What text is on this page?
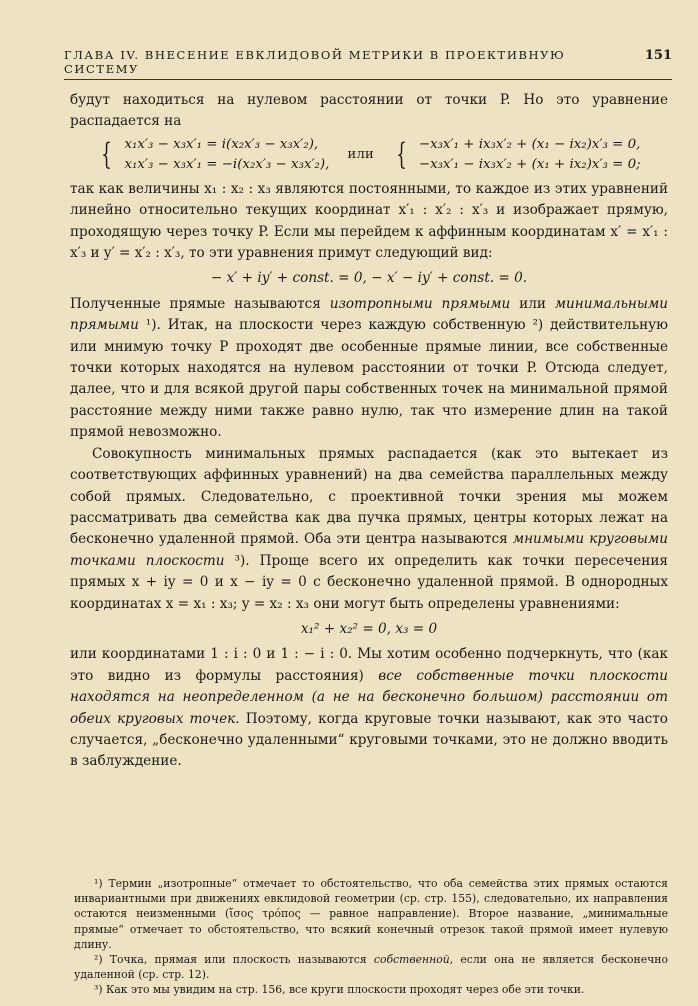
ГЛАВА IV. ВНЕСЕНИЕ ЕВКЛИДОВОЙ МЕТРИКИ В ПРОЕКТИВНУЮ СИСТЕМУ
151

будут находиться на нулевом расстоянии от точки P. Но это уравнение распадается на

{ x₁x′₃ − x₃x′₁ = i(x₂x′₃ − x₃x′₂),
x₁x′₃ − x₃x′₁ = −i(x₂x′₃ − x₃x′₂),
или { −x₃x′₁ + ix₃x′₂ + (x₁ − ix₂)x′₃ = 0,
−x₃x′₁ − ix₃x′₂ + (x₁ + ix₂)x′₃ = 0;

так как величины x₁ : x₂ : x₃ являются постоянными, то каждое из этих уравнений линейно относительно текущих координат x′₁ : x′₂ : x′₃ и изображает прямую, проходящую через точку P. Если мы перейдем к аффинным координатам x′ = x′₁ : x′₃ и y′ = x′₂ : x′₃, то эти уравнения примут следующий вид:

− x′ + iy′ + const. = 0, − x′ − iy′ + const. = 0.

Полученные прямые называются изотропными прямыми или минимальными прямыми ¹). Итак, на плоскости через каждую собственную ²) действительную или мнимую точку P проходят две особенные прямые линии, все собственные точки которых находятся на нулевом расстоянии от точки P. Отсюда следует, далее, что и для всякой другой пары собственных точек на минимальной прямой расстояние между ними также равно нулю, так что измерение длин на такой прямой невозможно.

Совокупность минимальных прямых распадается (как это вытекает из соответствующих аффинных уравнений) на два семейства параллельных между собой прямых. Следовательно, с проективной точки зрения мы можем рассматривать два семейства как два пучка прямых, центры которых лежат на бесконечно удаленной прямой. Оба эти центра называются мнимыми круговыми точками плоскости ³). Проще всего их определить как точки пересечения прямых x + iy = 0 и x − iy = 0 с бесконечно удаленной прямой. В однородных координатах x = x₁ : x₃; y = x₂ : x₃ они могут быть определены уравнениями:

x₁² + x₂² = 0, x₃ = 0

или координатами 1 : i : 0 и 1 : − i : 0. Мы хотим особенно подчеркнуть, что (как это видно из формулы расстояния) все собственные точки плоскости находятся на неопределенном (а не на бесконечно большом) расстоянии от обеих круговых точек. Поэтому, когда круговые точки называют, как это часто случается, „бесконечно удаленными“ круговыми точками, это не должно вводить в заблуждение.

¹) Термин „изотропные“ отмечает то обстоятельство, что оба семейства этих прямых остаются инвариантными при движениях евклидовой геометрии (ср. стр. 155), следовательно, их направления остаются неизменными (ἴσος τρόπος — равное направление). Второе название, „минимальные прямые“ отмечает то обстоятельство, что всякий конечный отрезок такой прямой имеет нулевую длину.

²) Точка, прямая или плоскость называются собственной, если она не является бесконечно удаленной (ср. стр. 12).

³) Как это мы увидим на стр. 156, все круги плоскости проходят через обе эти точки.
